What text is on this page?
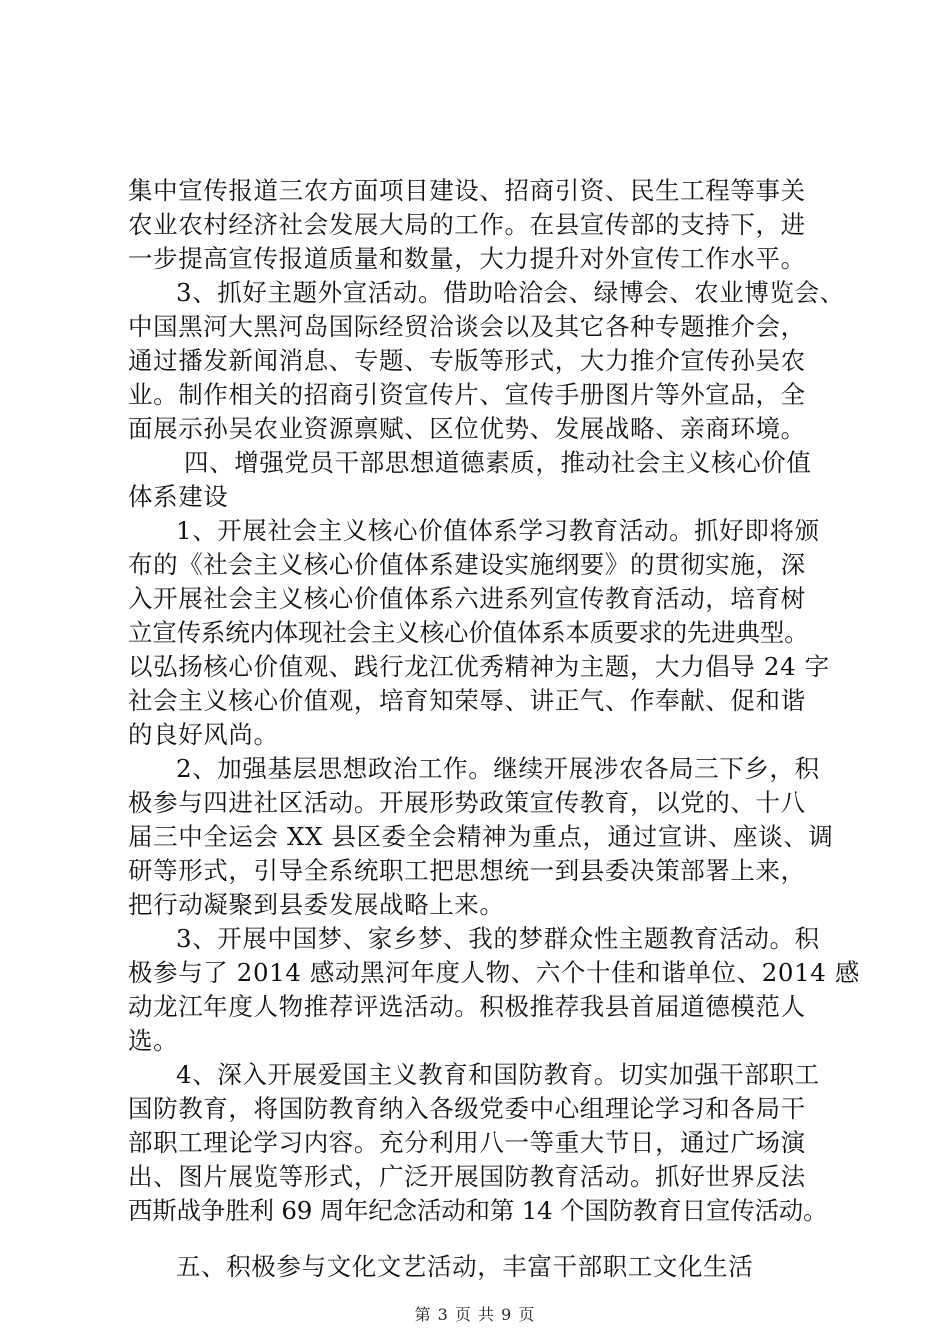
集中宣传报道三农方面项目建设、招商引资、民生工程等事关
农业农村经济社会发展大局的工作。在县宣传部的支持下，进
一步提高宣传报道质量和数量，大力提升对外宣传工作水平。
3、抓好主题外宣活动。借助哈洽会、绿博会、农业博览会、
中国黑河大黑河岛国际经贸洽谈会以及其它各种专题推介会，
通过播发新闻消息、专题、专版等形式，大力推介宣传孙吴农
业。制作相关的招商引资宣传片、宣传手册图片等外宣品，全
面展示孙吴农业资源禀赋、区位优势、发展战略、亲商环境。
四、增强党员干部思想道德素质，推动社会主义核心价值
体系建设
1、开展社会主义核心价值体系学习教育活动。抓好即将颁
布的《社会主义核心价值体系建设实施纲要》的贯彻实施，深
入开展社会主义核心价值体系六进系列宣传教育活动，培育树
立宣传系统内体现社会主义核心价值体系本质要求的先进典型。
以弘扬核心价值观、践行龙江优秀精神为主题，大力倡导 24 字
社会主义核心价值观，培育知荣辱、讲正气、作奉献、促和谐
的良好风尚。
2、加强基层思想政治工作。继续开展涉农各局三下乡，积
极参与四进社区活动。开展形势政策宣传教育，以党的、十八
届三中全运会 XX 县区委全会精神为重点，通过宣讲、座谈、调
研等形式，引导全系统职工把思想统一到县委决策部署上来，
把行动凝聚到县委发展战略上来。
3、开展中国梦、家乡梦、我的梦群众性主题教育活动。积
极参与了 2014 感动黑河年度人物、六个十佳和谐单位、2014 感
动龙江年度人物推荐评选活动。积极推荐我县首届道德模范人
选。
4、深入开展爱国主义教育和国防教育。切实加强干部职工
国防教育，将国防教育纳入各级党委中心组理论学习和各局干
部职工理论学习内容。充分利用八一等重大节日，通过广场演
出、图片展览等形式，广泛开展国防教育活动。抓好世界反法
西斯战争胜利 69 周年纪念活动和第 14 个国防教育日宣传活动。
五、积极参与文化文艺活动，丰富干部职工文化生活
第 3 页 共 9 页
